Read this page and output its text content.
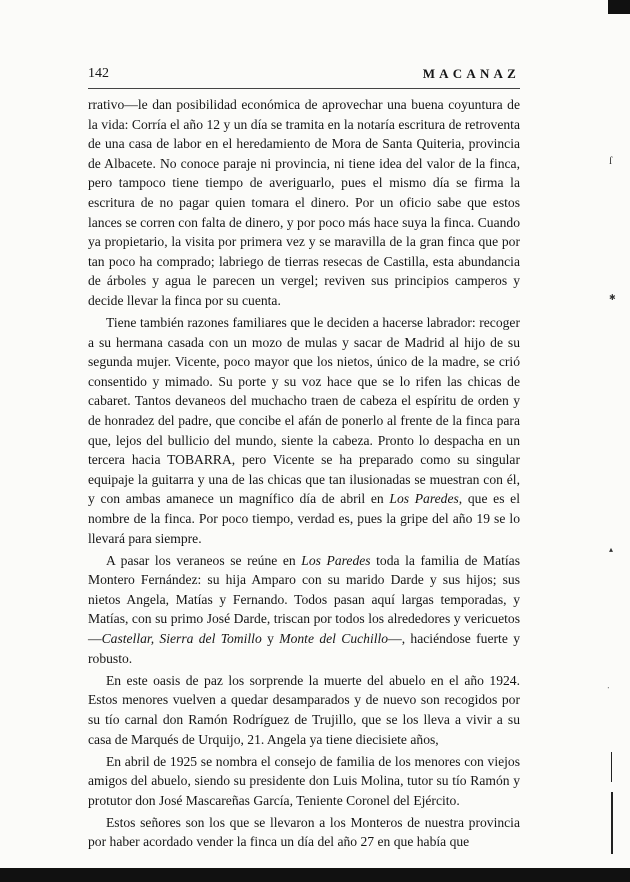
142	MACANAZ

rrativo—le dan posibilidad económica de aprovechar una buena coyuntura de la vida: Corría el año 12 y un día se tramita en la notaría escritura de retroventa de una casa de labor en el heredamiento de Mora de Santa Quiteria, provincia de Albacete. No conoce paraje ni provincia, ni tiene idea del valor de la finca, pero tampoco tiene tiempo de averiguarlo, pues el mismo día se firma la escritura de no pagar quien tomara el dinero. Por un oficio sabe que estos lances se corren con falta de dinero, y por poco más hace suya la finca. Cuando ya propietario, la visita por primera vez y se maravilla de la gran finca que por tan poco ha comprado; labriego de tierras resecas de Castilla, esta abundancia de árboles y agua le parecen un vergel; reviven sus principios camperos y decide llevar la finca por su cuenta.

Tiene también razones familiares que le deciden a hacerse labrador: recoger a su hermana casada con un mozo de mulas y sacar de Madrid al hijo de su segunda mujer. Vicente, poco mayor que los nietos, único de la madre, se crió consentido y mimado. Su porte y su voz hace que se lo rifen las chicas de cabaret. Tantos devaneos del muchacho traen de cabeza el espíritu de orden y de honradez del padre, que concibe el afán de ponerlo al frente de la finca para que, lejos del bullicio del mundo, siente la cabeza. Pronto lo despacha en un tercera hacia TOBARRA, pero Vicente se ha preparado como su singular equipaje la guitarra y una de las chicas que tan ilusionadas se muestran con él, y con ambas amanece un magnífico día de abril en Los Paredes, que es el nombre de la finca. Por poco tiempo, verdad es, pues la gripe del año 19 se lo llevará para siempre.

A pasar los veraneos se reúne en Los Paredes toda la familia de Matías Montero Fernández: su hija Amparo con su marido Darde y sus hijos; sus nietos Angela, Matías y Fernando. Todos pasan aquí largas temporadas, y Matías, con su primo José Darde, triscan por todos los alrededores y vericuetos—Castellar, Sierra del Tomillo y Monte del Cuchillo—, haciéndose fuerte y robusto.

En este oasis de paz los sorprende la muerte del abuelo en el año 1924. Estos menores vuelven a quedar desamparados y de nuevo son recogidos por su tío carnal don Ramón Rodríguez de Trujillo, que se los lleva a vivir a su casa de Marqués de Urquijo, 21. Angela ya tiene diecisiete años,

En abril de 1925 se nombra el consejo de familia de los menores con viejos amigos del abuelo, siendo su presidente don Luis Molina, tutor su tío Ramón y protutor don José Mascareñas García, Teniente Coronel del Ejército.

Estos señores son los que se llevaron a los Monteros de nuestra provincia por haber acordado vender la finca un día del año 27 en que había que

ſ
✱
▴
ᐧ
